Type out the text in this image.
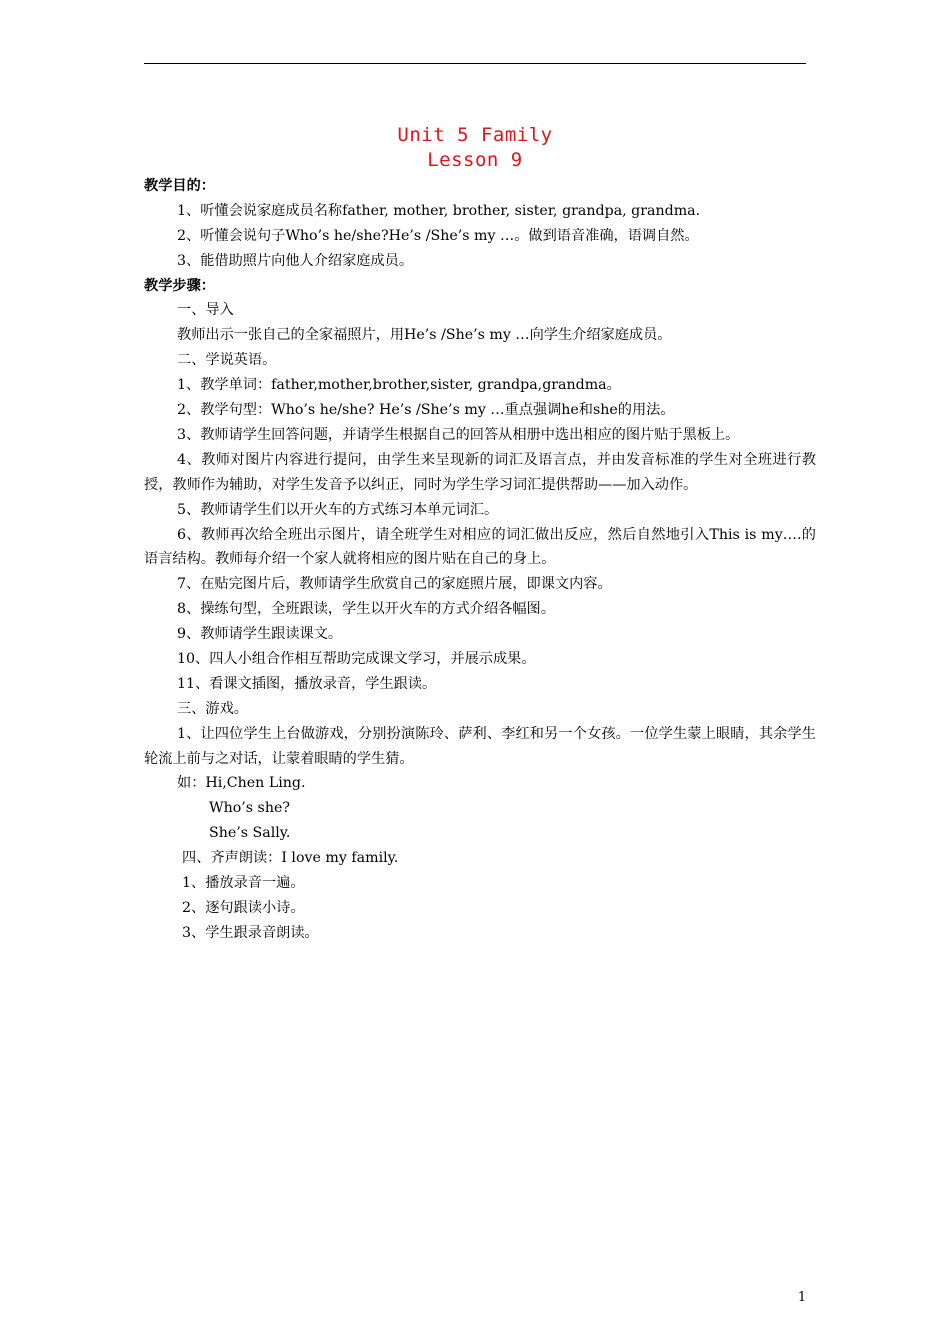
Unit 5 Family
Lesson 9
教学目的：
1、听懂会说家庭成员名称father, mother, brother, sister, grandpa, grandma.
2、听懂会说句子Who’s he/she?He’s /She’s my …。做到语音准确，语调自然。
3、能借助照片向他人介绍家庭成员。
教学步骤：
一、导入
教师出示一张自己的全家福照片，用He’s /She’s my …向学生介绍家庭成员。
二、学说英语。
1、教学单词：father,mother,brother,sister, grandpa,grandma。
2、教学句型：Who’s he/she? He’s /She’s my …重点强调he和she的用法。
3、教师请学生回答问题，并请学生根据自己的回答从相册中选出相应的图片贴于黑板上。
4、教师对图片内容进行提问，由学生来呈现新的词汇及语言点，并由发音标准的学生对全班进行教授，教师作为辅助，对学生发音予以纠正，同时为学生学习词汇提供帮助——加入动作。
5、教师请学生们以开火车的方式练习本单元词汇。
6、教师再次给全班出示图片，请全班学生对相应的词汇做出反应，然后自然地引入This is my….的语言结构。教师每介绍一个家人就将相应的图片贴在自己的身上。
7、在贴完图片后，教师请学生欣赏自己的家庭照片展，即课文内容。
8、操练句型，全班跟读，学生以开火车的方式介绍各幅图。
9、教师请学生跟读课文。
10、四人小组合作相互帮助完成课文学习，并展示成果。
11、看课文插图，播放录音，学生跟读。
三、游戏。
1、让四位学生上台做游戏，分别扮演陈玲、萨利、李红和另一个女孩。一位学生蒙上眼睛，其余学生轮流上前与之对话，让蒙着眼睛的学生猜。
如：Hi,Chen Ling.
Who’s she?
She’s Sally.
四、齐声朗读：I love my family.
1、播放录音一遍。
2、逐句跟读小诗。
3、学生跟录音朗读。
1
